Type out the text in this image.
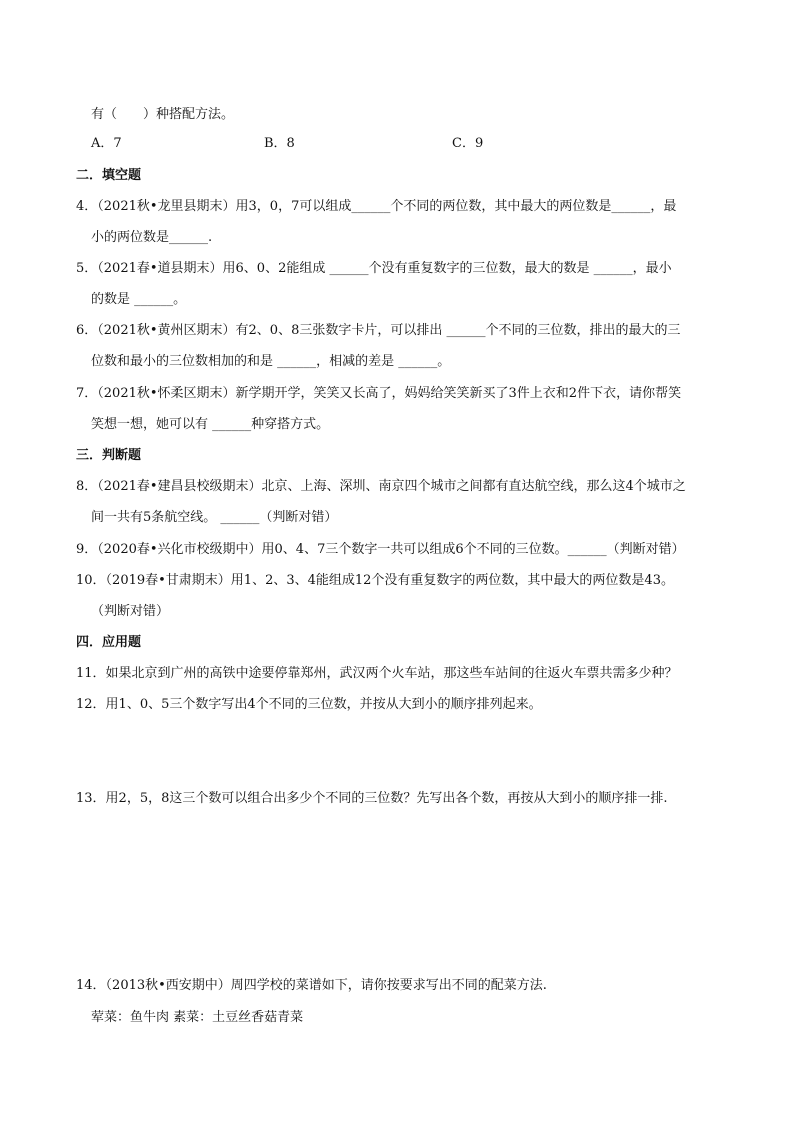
有（　　）种搭配方法。
A．7	B．8	C．9
二．填空题
4．（2021秋•龙里县期末）用3，0，7可以组成______个不同的两位数，其中最大的两位数是______，最
小的两位数是______.
5．（2021春•道县期末）用6、0、2能组成 ______个没有重复数字的三位数，最大的数是 ______，最小
的数是 ______。
6．（2021秋•黄州区期末）有2、0、8三张数字卡片，可以排出 ______个不同的三位数，排出的最大的三
位数和最小的三位数相加的和是 ______，相减的差是 ______。
7．（2021秋•怀柔区期末）新学期开学，笑笑又长高了，妈妈给笑笑新买了3件上衣和2件下衣，请你帮笑
笑想一想，她可以有 ______种穿搭方式。
三．判断题
8．（2021春•建昌县校级期末）北京、上海、深圳、南京四个城市之间都有直达航空线，那么这4个城市之
间一共有5条航空线。 ______（判断对错）
9．（2020春•兴化市校级期中）用0、4、7三个数字一共可以组成6个不同的三位数。______（判断对错）
10．（2019春•甘肃期末）用1、2、3、4能组成12个没有重复数字的两位数，其中最大的两位数是43。
（判断对错）
四．应用题
11．如果北京到广州的高铁中途要停靠郑州，武汉两个火车站，那这些车站间的往返火车票共需多少种？
12．用1、0、5三个数字写出4个不同的三位数，并按从大到小的顺序排列起来。
13．用2，5，8这三个数可以组合出多少个不同的三位数？先写出各个数，再按从大到小的顺序排一排.
14．（2013秋•西安期中）周四学校的菜谱如下，请你按要求写出不同的配菜方法.
荤菜：鱼牛肉 素菜：土豆丝香菇青菜
